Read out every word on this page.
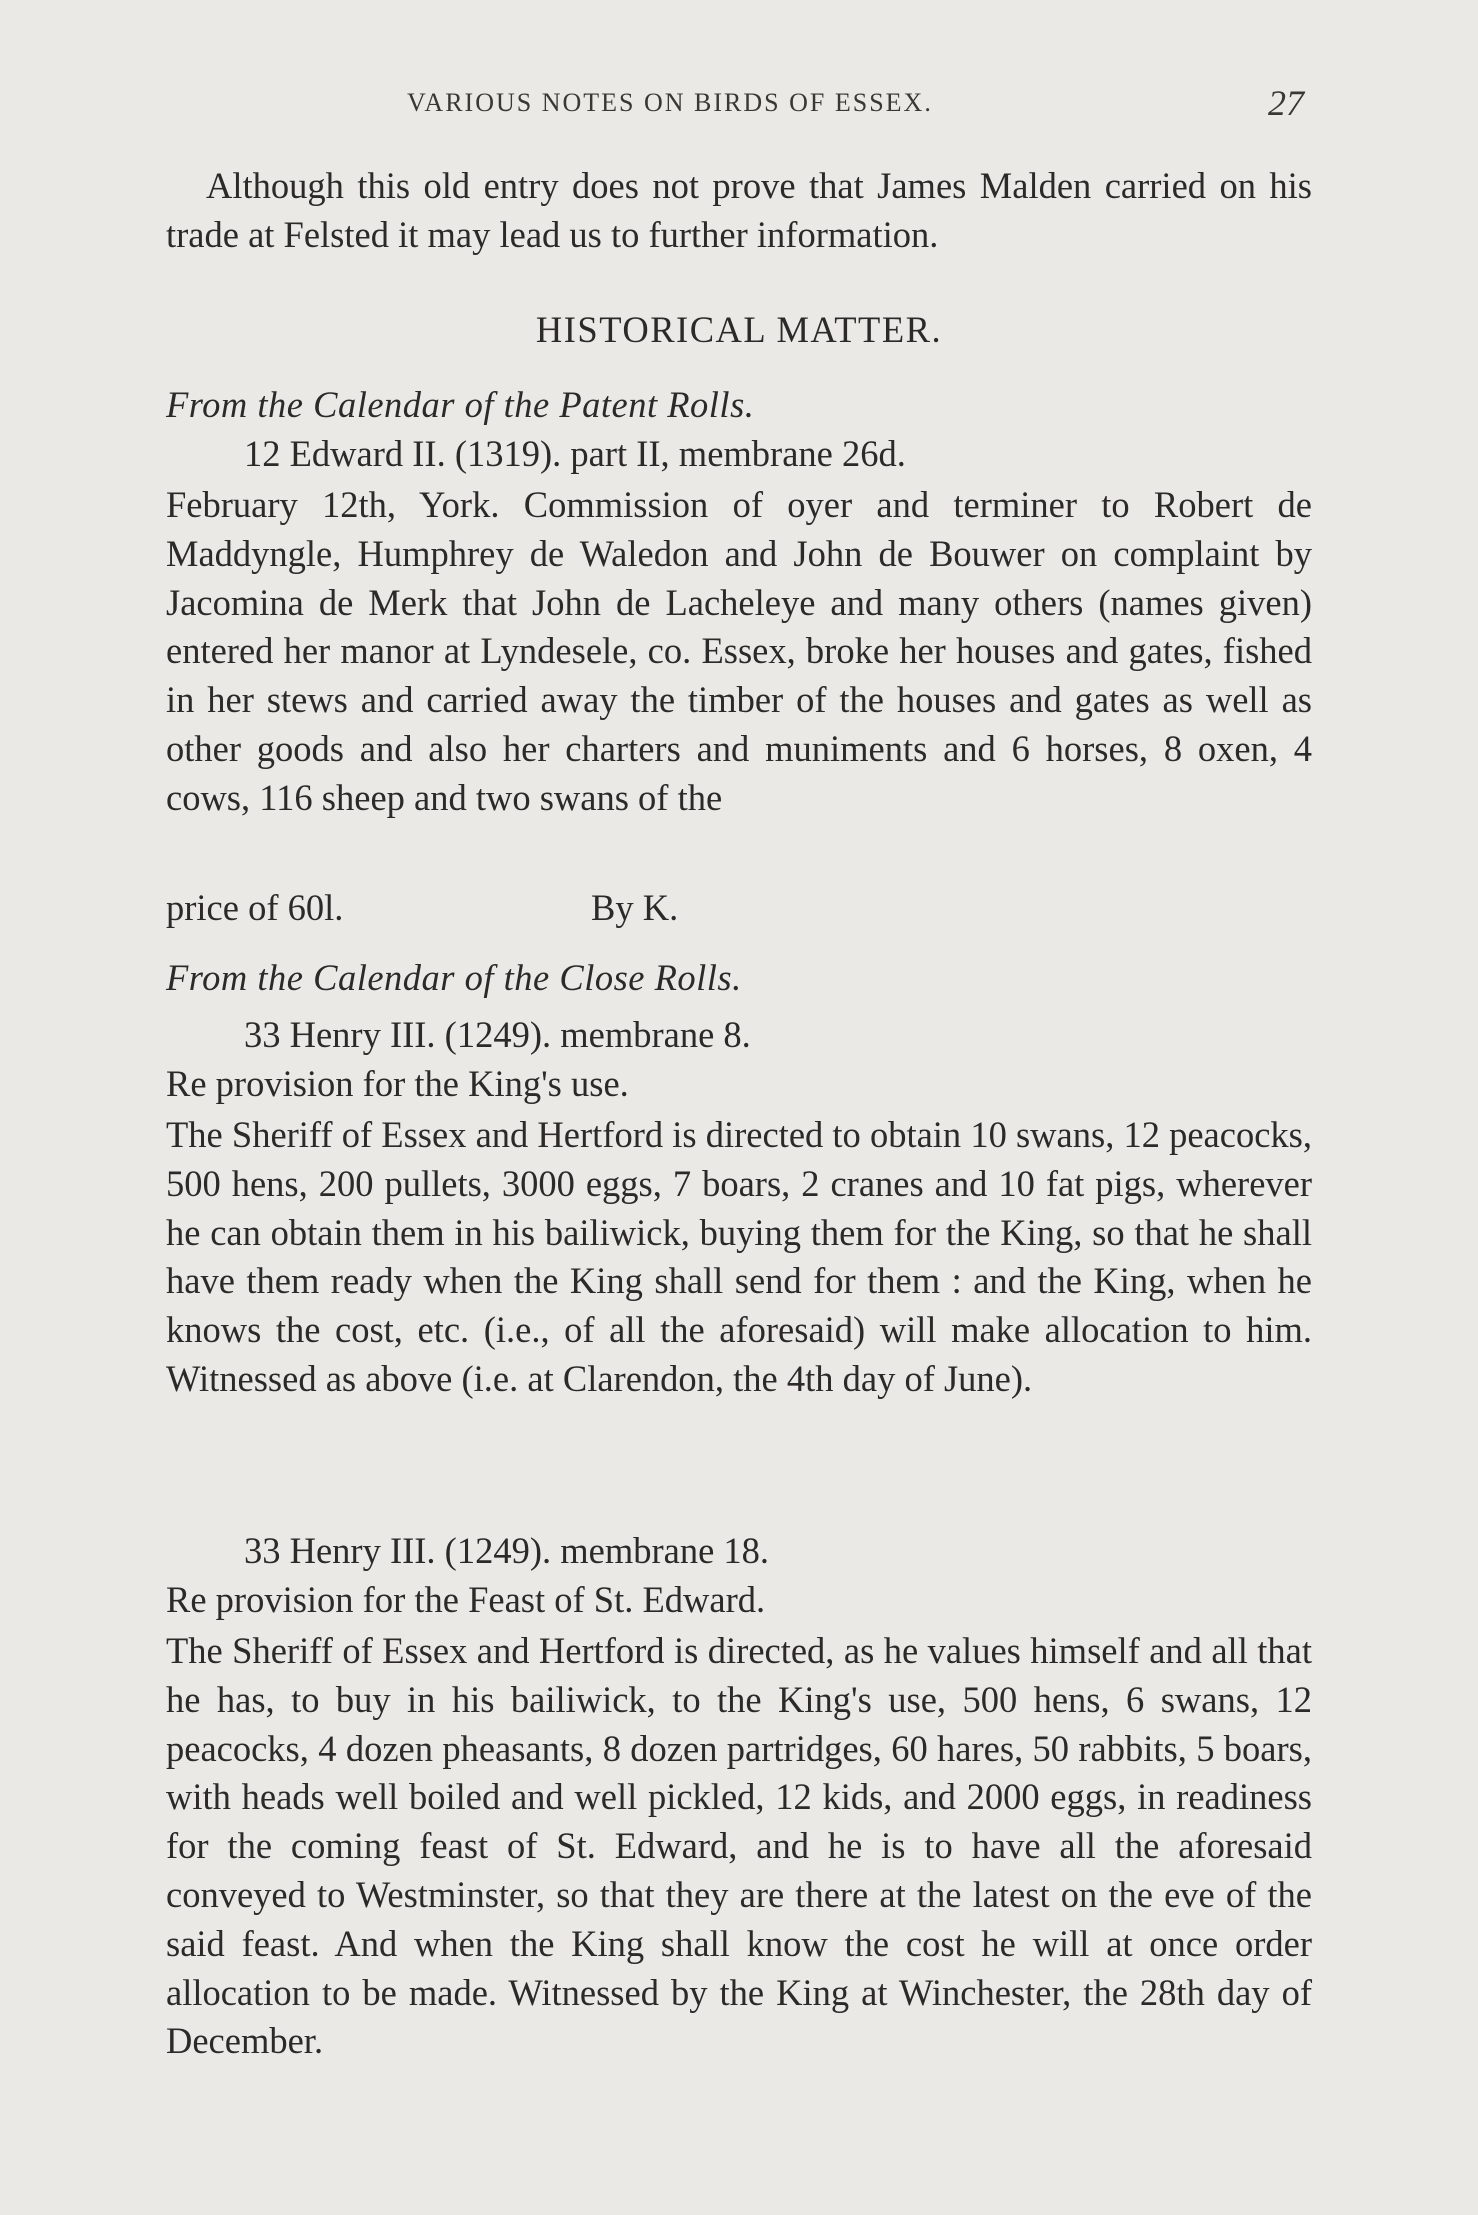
VARIOUS NOTES ON BIRDS OF ESSEX.	27

Although this old entry does not prove that James Malden carried on his trade at Felsted it may lead us to further information.

HISTORICAL MATTER.
From the Calendar of the Patent Rolls.
12 Edward II. (1319). part II, membrane 26d.

February 12th, York. Commission of oyer and terminer to Robert de Maddyngle, Humphrey de Waledon and John de Bouwer on complaint by Jacomina de Merk that John de Lacheleye and many others (names given) entered her manor at Lyndesele, co. Essex, broke her houses and gates, fished in her stews and carried away the timber of the houses and gates as well as other goods and also her charters and muniments and 6 horses, 8 oxen, 4 cows, 116 sheep and two swans of the

price of 60l.	By K.
From the Calendar of the Close Rolls.
33 Henry III. (1249). membrane 8.
Re provision for the King's use.

The Sheriff of Essex and Hertford is directed to obtain 10 swans, 12 peacocks, 500 hens, 200 pullets, 3000 eggs, 7 boars, 2 cranes and 10 fat pigs, wherever he can obtain them in his bailiwick, buying them for the King, so that he shall have them ready when the King shall send for them : and the King, when he knows the cost, etc. (i.e., of all the aforesaid) will make allocation to him. Witnessed as above (i.e. at Clarendon, the 4th day of June).

33 Henry III. (1249). membrane 18.
Re provision for the Feast of St. Edward.

The Sheriff of Essex and Hertford is directed, as he values himself and all that he has, to buy in his bailiwick, to the King's use, 500 hens, 6 swans, 12 peacocks, 4 dozen pheasants, 8 dozen partridges, 60 hares, 50 rabbits, 5 boars, with heads well boiled and well pickled, 12 kids, and 2000 eggs, in readiness for the coming feast of St. Edward, and he is to have all the aforesaid conveyed to Westminster, so that they are there at the latest on the eve of the said feast. And when the King shall know the cost he will at once order allocation to be made. Witnessed by the King at Winchester, the 28th day of December.
